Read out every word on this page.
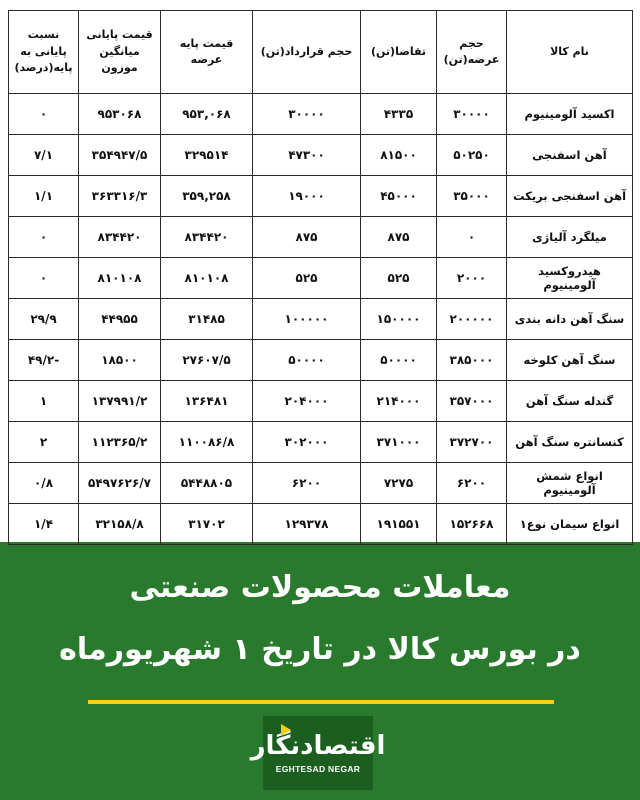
نام کالا	حجم عرضه(تن)	تقاضا(تن)	حجم قرارداد(تن)	قیمت پایه عرضه	قیمت پایانی میانگین موزون	نسبت پایانی به پایه(درصد)
اکسید آلومینیوم	۳۰۰۰۰	۴۳۳۵	۳۰۰۰۰	۹۵۳,۰۶۸	۹۵۳۰۶۸	۰
آهن اسفنجی	۵۰۲۵۰	۸۱۵۰۰	۴۷۳۰۰	۳۲۹۵۱۴	۳۵۴۹۴۷/۵	۷/۱
آهن اسفنجی بریکت	۳۵۰۰۰	۴۵۰۰۰	۱۹۰۰۰	۳۵۹,۲۵۸	۳۶۳۳۱۶/۳	۱/۱
میلگرد آلیاژی	۰	۸۷۵	۸۷۵	۸۳۴۴۲۰	۸۳۴۴۲۰	۰
هیدروکسید آلومینیوم	۲۰۰۰	۵۲۵	۵۲۵	۸۱۰۱۰۸	۸۱۰۱۰۸	۰
سنگ آهن دانه بندی	۲۰۰۰۰۰	۱۵۰۰۰۰	۱۰۰۰۰۰	۳۱۴۸۵	۴۴۹۵۵	۲۹/۹
سنگ آهن کلوخه	۳۸۵۰۰۰	۵۰۰۰۰	۵۰۰۰۰	۲۷۶۰۷/۵	۱۸۵۰۰	-۴۹/۲
گندله سنگ آهن	۳۵۷۰۰۰	۲۱۴۰۰۰	۲۰۴۰۰۰	۱۳۶۴۸۱	۱۳۷۹۹۱/۲	۱
کنسانتره سنگ آهن	۳۷۲۷۰۰	۳۷۱۰۰۰	۳۰۲۰۰۰	۱۱۰۰۸۶/۸	۱۱۲۳۶۵/۲	۲
انواع شمش آلومینیوم	۶۲۰۰	۷۲۷۵	۶۲۰۰	۵۴۴۸۸۰۵	۵۴۹۷۶۲۶/۷	۰/۸
انواع سیمان نوع۱	۱۵۲۶۶۸	۱۹۱۵۵۱	۱۲۹۳۷۸	۳۱۷۰۲	۳۲۱۵۸/۸	۱/۴
معاملات محصولات صنعتی
در بورس کالا در تاریخ ۱ شهریورماه
اقتصادنگار
EGHTESAD NEGAR
